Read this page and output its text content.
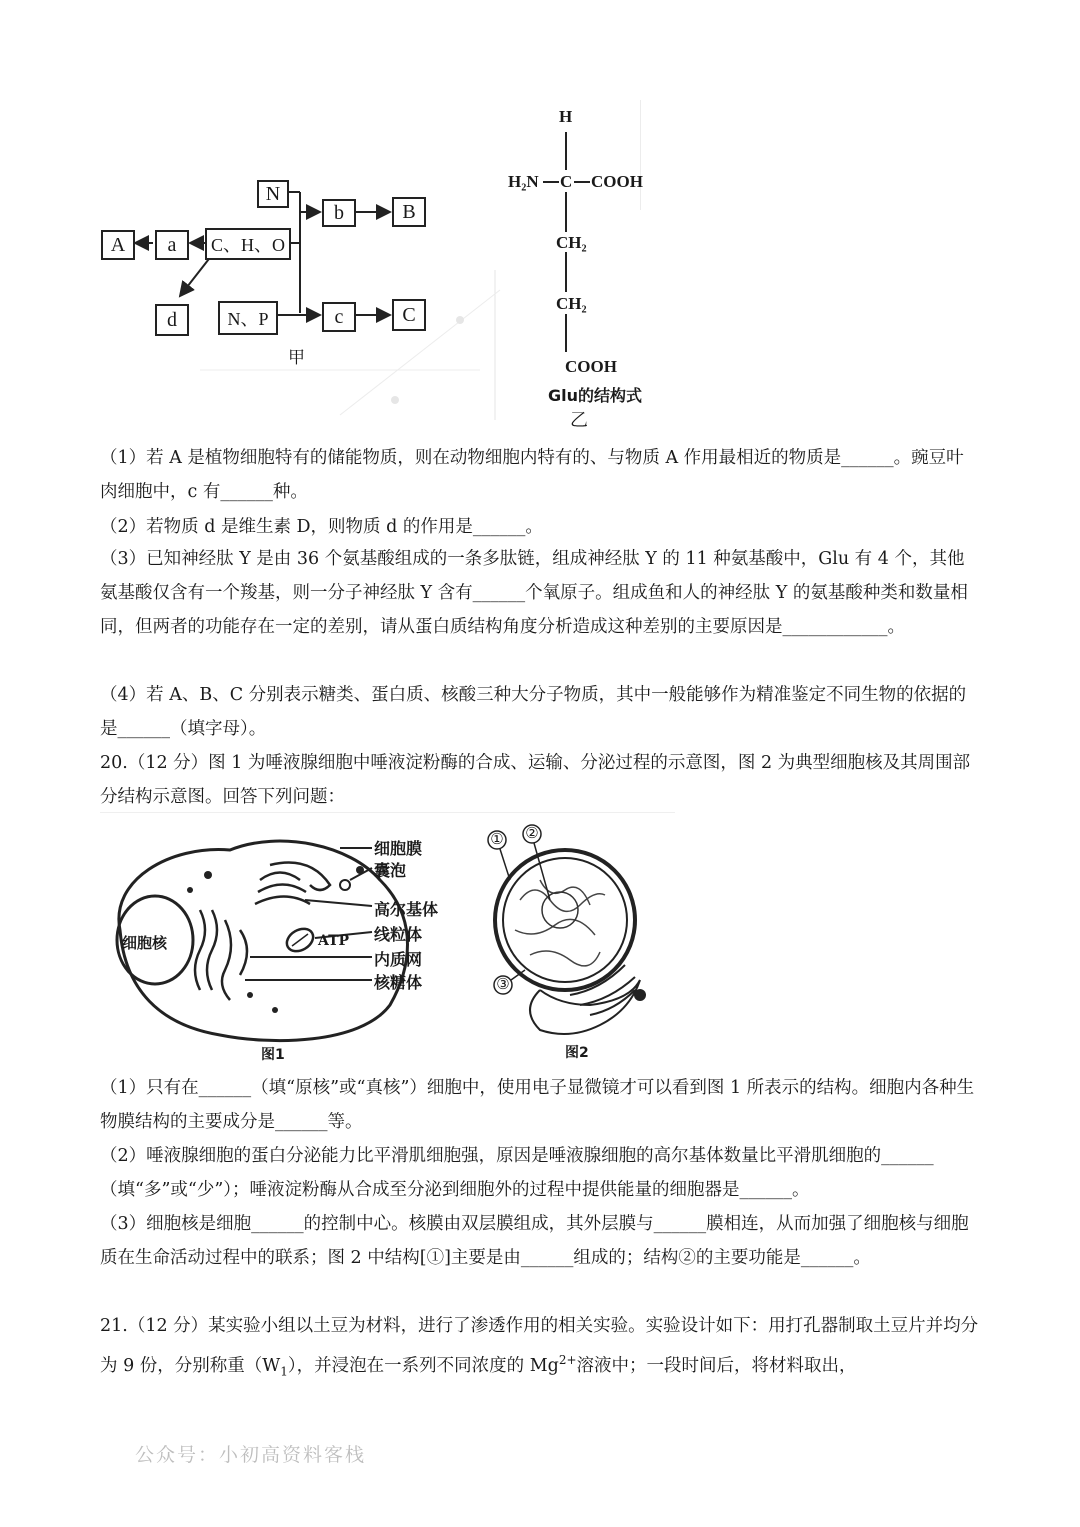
N
b	B
A	a	C、H、O
d	N、P	c	C
甲
H
H₂N C COOH
CH₂
CH₂
COOH
Glu的结构式
乙
（1）若 A 是植物细胞特有的储能物质，则在动物细胞内特有的、与物质 A 作用最相近的物质是______。豌豆叶肉细胞中，c 有______种。
（2）若物质 d 是维生素 D，则物质 d 的作用是______。
（3）已知神经肽 Y 是由 36 个氨基酸组成的一条多肽链，组成神经肽 Y 的 11 种氨基酸中，Glu 有 4 个，其他氨基酸仅含有一个羧基，则一分子神经肽 Y 含有______个氧原子。组成鱼和人的神经肽 Y 的氨基酸种类和数量相同，但两者的功能存在一定的差别，请从蛋白质结构角度分析造成这种差别的主要原因是____________。
（4）若 A、B、C 分别表示糖类、蛋白质、核酸三种大分子物质，其中一般能够作为精准鉴定不同生物的依据的是______（填字母）。
20.（12 分）图 1 为唾液腺细胞中唾液淀粉酶的合成、运输、分泌过程的示意图，图 2 为典型细胞核及其周围部分结构示意图。回答下列问题：
细胞核	ATP
细胞膜
囊泡
高尔基体
线粒体
内质网
核糖体
图1
① ②
③
图2
（1）只有在______（填“原核”或“真核”）细胞中，使用电子显微镜才可以看到图 1 所表示的结构。细胞内各种生物膜结构的主要成分是______等。
（2）唾液腺细胞的蛋白分泌能力比平滑肌细胞强，原因是唾液腺细胞的高尔基体数量比平滑肌细胞的______（填“多”或“少”）；唾液淀粉酶从合成至分泌到细胞外的过程中提供能量的细胞器是______。
（3）细胞核是细胞______的控制中心。核膜由双层膜组成，其外层膜与______膜相连，从而加强了细胞核与细胞质在生命活动过程中的联系；图 2 中结构[①]主要是由______组成的；结构②的主要功能是______。
21.（12 分）某实验小组以土豆为材料，进行了渗透作用的相关实验。实验设计如下：用打孔器制取土豆片并均分为 9 份，分别称重$(W_1)$，并浸泡在一系列不同浓度的 $Mg^{2+}$溶液中；一段时间后，将材料取出，
公众号：小初高资料客栈
